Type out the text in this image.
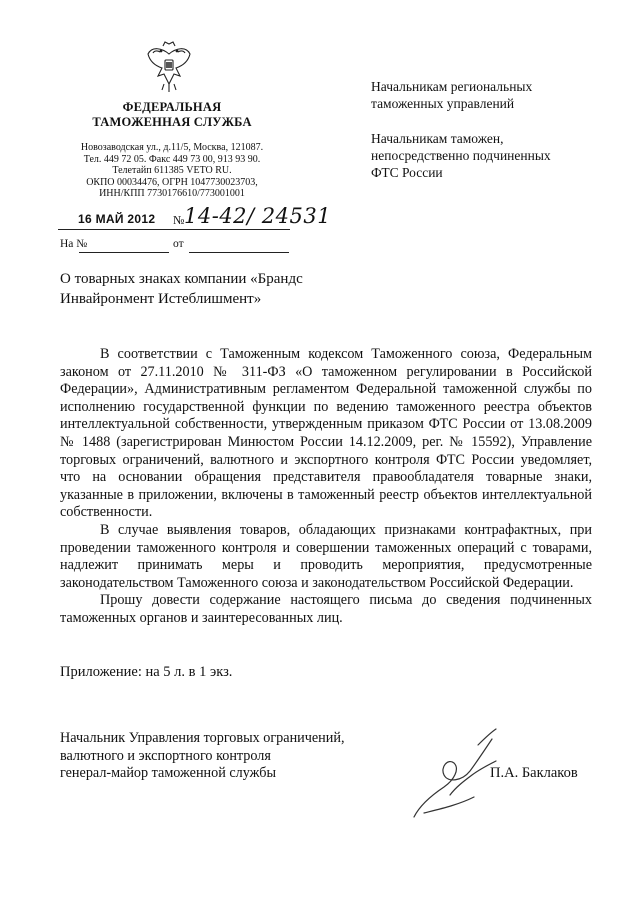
ФЕДЕРАЛЬНАЯ
ТАМОЖЕННАЯ СЛУЖБА
Новозаводская ул., д.11/5, Москва, 121087.
Тел. 449 72 05. Факс 449 73 00, 913 93 90.
Телетайп 611385 VETO RU.
ОКПО 00034476, ОГРН 1047730023703,
ИНН/КПП 7730176610/773001001
16 МАЙ 2012 № 14-42/ 24531
На №	от
Начальникам региональных
таможенных управлений
Начальникам таможен,
непосредственно подчиненных
ФТС России
О товарных знаках компании «Брандс Инвайронмент Истеблишмент»

В соответствии с Таможенным кодексом Таможенного союза, Федеральным законом от 27.11.2010 № 311-ФЗ «О таможенном регулировании в Российской Федерации», Административным регламентом Федеральной таможенной службы по исполнению государственной функции по ведению таможенного реестра объектов интеллектуальной собственности, утвержденным приказом ФТС России от 13.08.2009 № 1488 (зарегистрирован Минюстом России 14.12.2009, рег. № 15592), Управление торговых ограничений, валютного и экспортного контроля ФТС России уведомляет, что на основании обращения представителя правообладателя товарные знаки, указанные в приложении, включены в таможенный реестр объектов интеллектуальной собственности.

В случае выявления товаров, обладающих признаками контрафактных, при проведении таможенного контроля и совершении таможенных операций с товарами, надлежит принимать меры и проводить мероприятия, предусмотренные законодательством Таможенного союза и законодательством Российской Федерации.

Прошу довести содержание настоящего письма до сведения подчиненных таможенных органов и заинтересованных лиц.

Приложение: на 5 л. в 1 экз.
Начальник Управления торговых ограничений,
валютного и экспортного контроля
генерал-майор таможенной службы	П.А. Баклаков
